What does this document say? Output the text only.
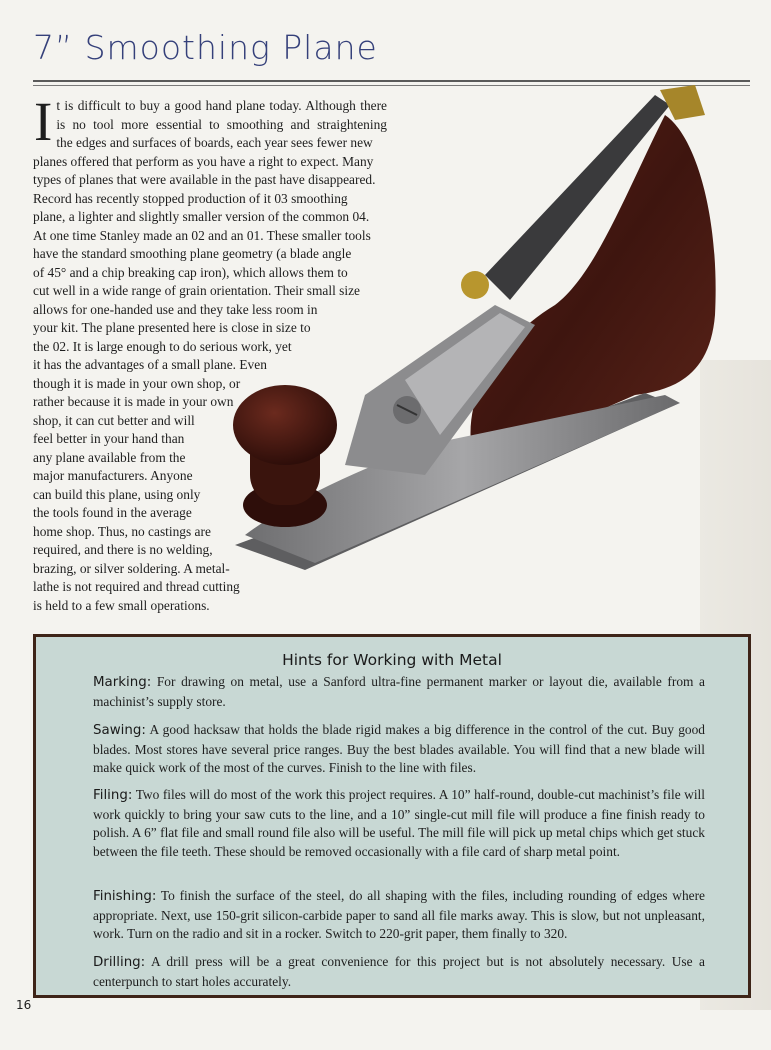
7” Smoothing Plane
I t is difficult to buy a good hand plane today. Although there
is no tool more essential to smoothing and straightening
the edges and surfaces of boards, each year sees fewer new
planes offered that perform as you have a right to expect. Many
types of planes that were available in the past have disappeared.
Record has recently stopped production of it 03 smoothing
plane, a lighter and slightly smaller version of the common 04.
At one time Stanley made an 02 and an 01. These smaller tools
have the standard smoothing plane geometry (a blade angle
of 45° and a chip breaking cap iron), which allows them to
cut well in a wide range of grain orientation. Their small size
allows for one-handed use and they take less room in
your kit. The plane presented here is close in size to
the 02. It is large enough to do serious work, yet
it has the advantages of a small plane. Even
though it is made in your own shop, or
rather because it is made in your own
shop, it can cut better and will
feel better in your hand than
any plane available from the
major manufacturers. Anyone
can build this plane, using only
the tools found in the average
home shop. Thus, no castings are
required, and there is no welding,
brazing, or silver soldering. A metal-
lathe is not required and thread cutting
is held to a few small operations.
Hints for Working with Metal
Marking: For drawing on metal, use a Sanford ultra-fine permanent marker or layout die, available from a machinist’s supply store.
Sawing: A good hacksaw that holds the blade rigid makes a big difference in the control of the cut. Buy good blades. Most stores have several price ranges. Buy the best blades available. You will find that a new blade will make quick work of the most of the curves. Finish to the line with files.
Filing: Two files will do most of the work this project requires. A 10” half-round, double-cut machinist’s file will work quickly to bring your saw cuts to the line, and a 10” single-cut mill file will produce a fine finish ready to polish. A 6” flat file and small round file also will be useful. The mill file will pick up metal chips which get stuck between the file teeth. These should be removed occasionally with a file card of sharp metal point.
Finishing: To finish the surface of the steel, do all shaping with the files, including rounding of edges where appropriate. Next, use 150-grit silicon-carbide paper to sand all file marks away. This is slow, but not unpleasant, work. Turn on the radio and sit in a rocker. Switch to 220-grit paper, them finally to 320.
Drilling: A drill press will be a great convenience for this project but is not absolutely necessary. Use a centerpunch to start holes accurately.
16
